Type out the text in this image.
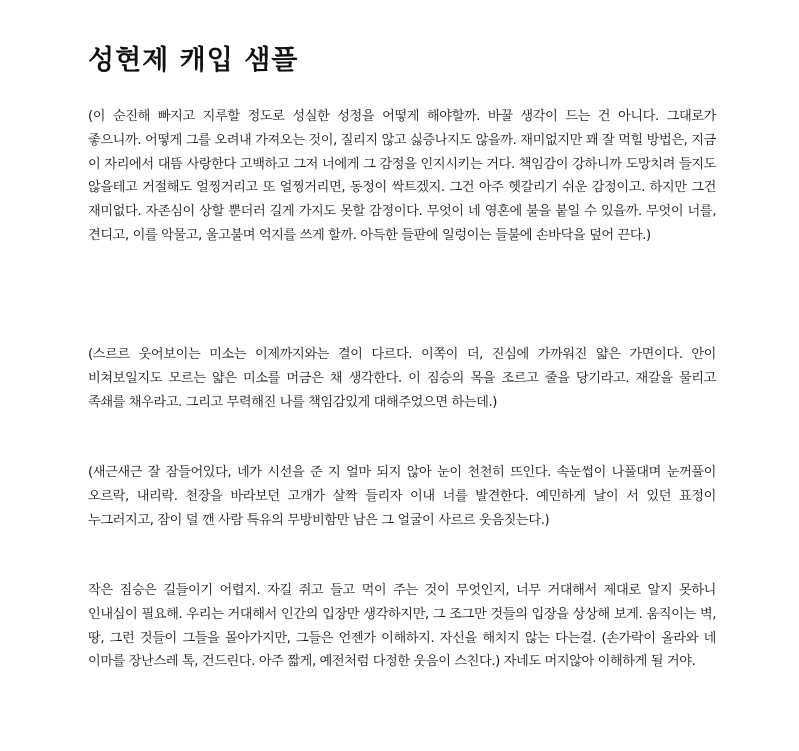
성현제 캐입 샘플

(이 순진해 빠지고 지루할 정도로 성실한 성정을 어떻게 해야할까. 바꿀 생각이 드는 건 아니다. 그대로가 좋으니까. 어떻게 그를 오려내 가져오는 것이, 질리지 않고 싫증나지도 않을까. 재미없지만 꽤 잘 먹힐 방법은, 지금 이 자리에서 대뜸 사랑한다 고백하고 그저 너에게 그 감정을 인지시키는 거다. 책임감이 강하니까 도망치려 들지도 않을테고 거절해도 얼찡거리고 또 얼찡거리면, 동정이 싹트겠지. 그건 아주 헷갈리기 쉬운 감정이고. 하지만 그건 재미없다. 자존심이 상할 뿐더러 길게 가지도 못할 감정이다. 무엇이 네 영혼에 불을 붙일 수 있을까. 무엇이 너를, 견디고, 이를 악물고, 울고불며 억지를 쓰게 할까. 아득한 들판에 일렁이는 들불에 손바닥을 덮어 끈다.)

(스르르 웃어보이는 미소는 이제까지와는 결이 다르다. 이쪽이 더, 진심에 가까워진 얇은 가면이다. 안이 비쳐보일지도 모르는 얇은 미소를 머금은 채 생각한다. 이 짐승의 목을 조르고 줄을 당기라고. 재갈을 물리고 족쇄를 채우라고. 그리고 무력해진 나를 책임감있게 대해주었으면 하는데.)

(새근새근 잘 잠들어있다, 네가 시선을 준 지 얼마 되지 않아 눈이 천천히 뜨인다. 속눈썹이 나풀대며 눈꺼풀이 오르락, 내리락. 천장을 바라보던 고개가 살짝 들리자 이내 너를 발견한다. 예민하게 날이 서 있던 표정이 누그러지고, 잠이 덜 깬 사람 특유의 무방비함만 남은 그 얼굴이 사르르 웃음짓는다.)

작은 짐승은 길들이기 어렵지. 자길 쥐고 들고 먹이 주는 것이 무엇인지, 너무 거대해서 제대로 알지 못하니 인내심이 필요해. 우리는 거대해서 인간의 입장만 생각하지만, 그 조그만 것들의 입장을 상상해 보게. 움직이는 벽, 땅, 그런 것들이 그들을 몰아가지만, 그들은 언젠가 이해하지. 자신을 해치지 않는 다는걸. (손가락이 올라와 네 이마를 장난스레 톡, 건드린다. 아주 짧게, 예전처럼 다정한 웃음이 스친다.) 자네도 머지않아 이해하게 될 거야.
